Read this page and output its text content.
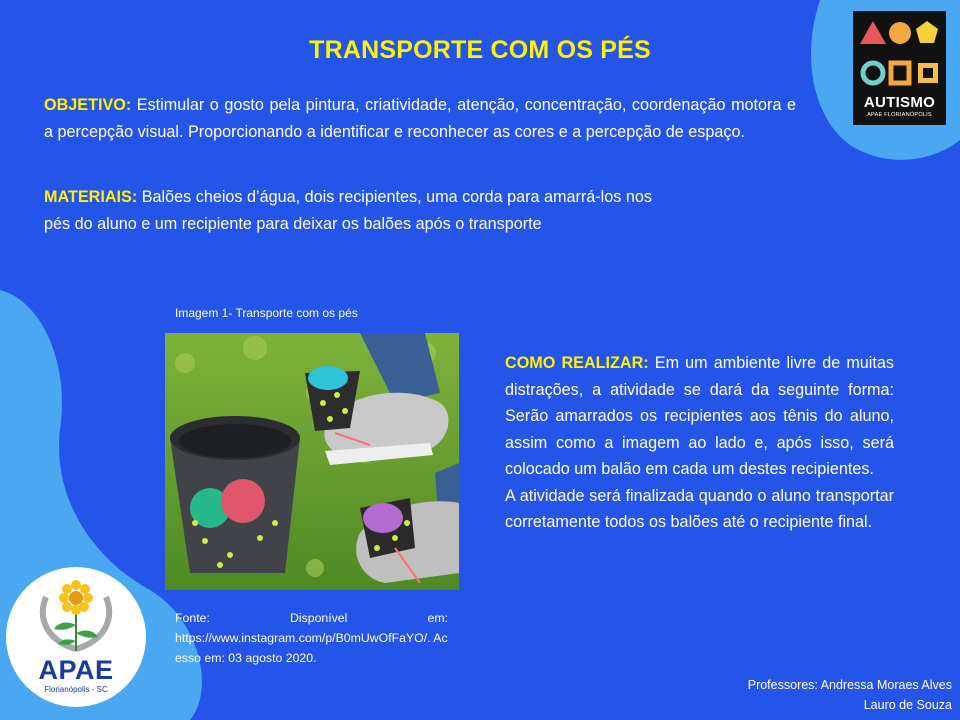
TRANSPORTE COM OS PÉS
OBJETIVO: Estimular o gosto pela pintura, criatividade, atenção, concentração, coordenação motora e a percepção visual. Proporcionando a identificar e reconhecer as cores e a percepção de espaço.
MATERIAIS: Balões cheios d’água, dois recipientes, uma corda para amarrá-los nos
pés do aluno e um recipiente para deixar os balões após o transporte
Imagem 1- Transporte com os pés
COMO REALIZAR: Em um ambiente livre de muitas distrações, a atividade se dará da seguinte forma: Serão amarrados os recipientes aos tênis do aluno, assim como a imagem ao lado e, após isso, será colocado um balão em cada um destes recipientes.
A atividade será finalizada quando o aluno transportar corretamente todos os balões até o recipiente final.
Fonte:	Disponível	em:
https://www.instagram.com/p/B0mUwOfFaYO/. Acesso em: 03 agosto 2020.
Professores: Andressa Moraes Alves
Lauro de Souza
AUTISMO
APAE FLORIANÓPOLIS
APAE
Florianópolis - SC
